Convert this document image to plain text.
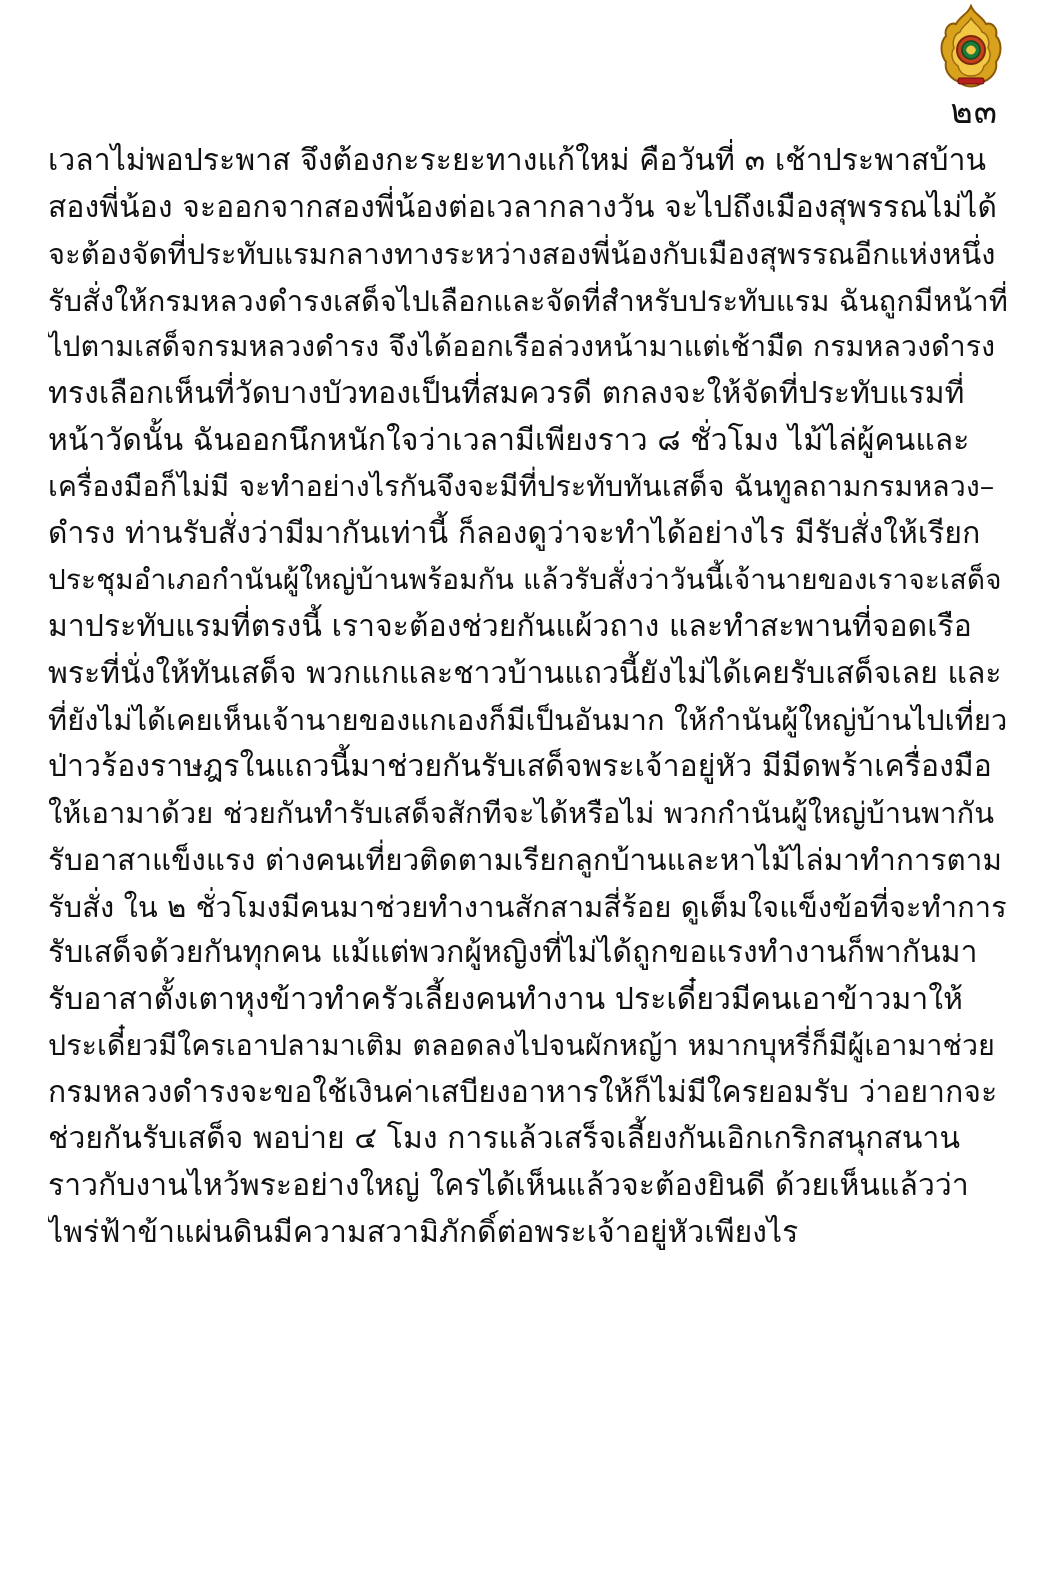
๒๓
เวลาไม่พอประพาส จึงต้องกะระยะทางแก้ใหม่ คือวันที่ ๓ เช้าประพาสบ้าน
สองพี่น้อง จะออกจากสองพี่น้องต่อเวลากลางวัน จะไปถึงเมืองสุพรรณไม่ได้
จะต้องจัดที่ประทับแรมกลางทางระหว่างสองพี่น้องกับเมืองสุพรรณอีกแห่งหนึ่ง
รับสั่งให้กรมหลวงดำรงเสด็จไปเลือกและจัดที่สำหรับประทับแรม ฉันถูกมีหน้าที่
ไปตามเสด็จกรมหลวงดำรง จึงได้ออกเรือล่วงหน้ามาแต่เช้ามืด กรมหลวงดำรง
ทรงเลือกเห็นที่วัดบางบัวทองเป็นที่สมควรดี ตกลงจะให้จัดที่ประทับแรมที่
หน้าวัดนั้น ฉันออกนึกหนักใจว่าเวลามีเพียงราว ๘ ชั่วโมง ไม้ไล่ผู้คนและ
เครื่องมือก็ไม่มี จะทำอย่างไรกันจึงจะมีที่ประทับทันเสด็จ ฉันทูลถามกรมหลวง–
ดำรง ท่านรับสั่งว่ามีมากันเท่านี้ ก็ลองดูว่าจะทำได้อย่างไร มีรับสั่งให้เรียก
ประชุมอำเภอกำนันผู้ใหญ่บ้านพร้อมกัน แล้วรับสั่งว่าวันนี้เจ้านายของเราจะเสด็จ
มาประทับแรมที่ตรงนี้ เราจะต้องช่วยกันแผ้วถาง และทำสะพานที่จอดเรือ
พระที่นั่งให้ทันเสด็จ พวกแกและชาวบ้านแถวนี้ยังไม่ได้เคยรับเสด็จเลย และ
ที่ยังไม่ได้เคยเห็นเจ้านายของแกเองก็มีเป็นอันมาก ให้กำนันผู้ใหญ่บ้านไปเที่ยว
ป่าวร้องราษฎรในแถวนี้มาช่วยกันรับเสด็จพระเจ้าอยู่หัว มีมีดพร้าเครื่องมือ
ให้เอามาด้วย ช่วยกันทำรับเสด็จสักทีจะได้หรือไม่ พวกกำนันผู้ใหญ่บ้านพากัน
รับอาสาแข็งแรง ต่างคนเที่ยวติดตามเรียกลูกบ้านและหาไม้ไล่มาทำการตาม
รับสั่ง ใน ๒ ชั่วโมงมีคนมาช่วยทำงานสักสามสี่ร้อย ดูเต็มใจแข็งข้อที่จะทำการ
รับเสด็จด้วยกันทุกคน แม้แต่พวกผู้หญิงที่ไม่ได้ถูกขอแรงทำงานก็พากันมา
รับอาสาตั้งเตาหุงข้าวทำครัวเลี้ยงคนทำงาน ประเดี๋ยวมีคนเอาข้าวมาให้
ประเดี๋ยวมีใครเอาปลามาเติม ตลอดลงไปจนผักหญ้า หมากบุหรี่ก็มีผู้เอามาช่วย
กรมหลวงดำรงจะขอใช้เงินค่าเสบียงอาหารให้ก็ไม่มีใครยอมรับ ว่าอยากจะ
ช่วยกันรับเสด็จ พอบ่าย ๔ โมง การแล้วเสร็จเลี้ยงกันเอิกเกริกสนุกสนาน
ราวกับงานไหว้พระอย่างใหญ่ ใครได้เห็นแล้วจะต้องยินดี ด้วยเห็นแล้วว่า
ไพร่ฟ้าข้าแผ่นดินมีความสวามิภักดิ์ต่อพระเจ้าอยู่หัวเพียงไร
